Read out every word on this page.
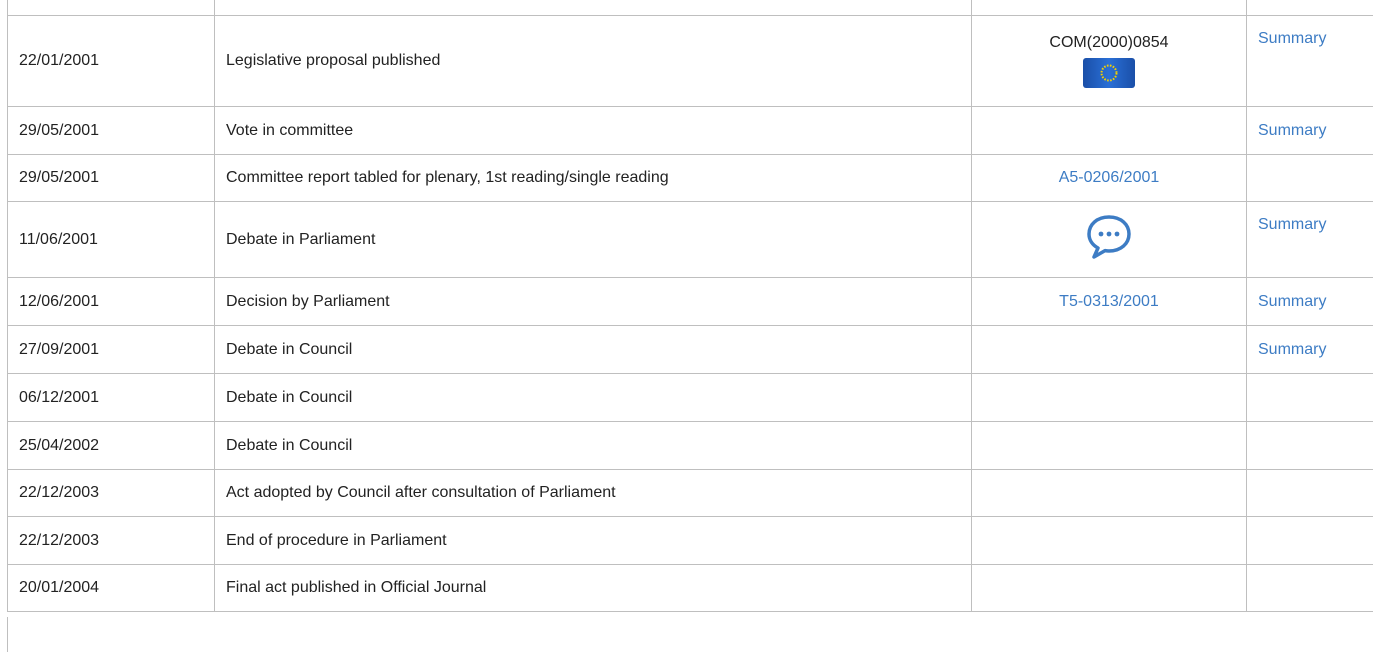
22/01/2001	Legislative proposal published	COM(2000)0854	Summary
29/05/2001	Vote in committee		Summary
29/05/2001	Committee report tabled for plenary, 1st reading/single reading	A5-0206/2001	
11/06/2001	Debate in Parliament		Summary
12/06/2001	Decision by Parliament	T5-0313/2001	Summary
27/09/2001	Debate in Council		Summary
06/12/2001	Debate in Council		
25/04/2002	Debate in Council		
22/12/2003	Act adopted by Council after consultation of Parliament		
22/12/2003	End of procedure in Parliament		
20/01/2004	Final act published in Official Journal		
